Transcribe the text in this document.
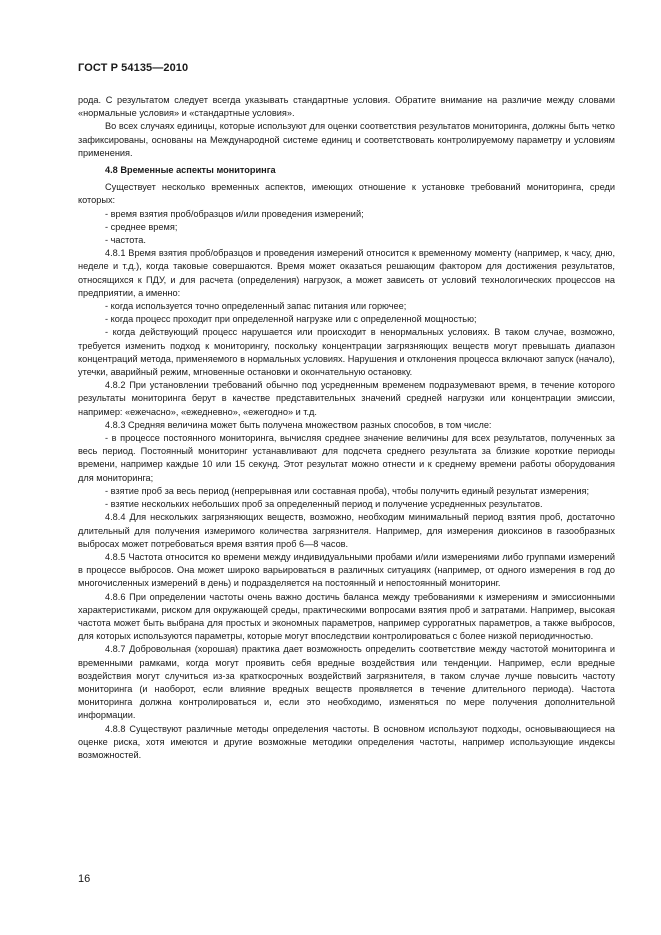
ГОСТ Р 54135—2010

рода. С результатом следует всегда указывать стандартные условия. Обратите внимание на различие между словами «нормальные условия» и «стандартные условия».

Во всех случаях единицы, которые используют для оценки соответствия результатов мониторинга, должны быть четко зафиксированы, основаны на Международной системе единиц и соответствовать контролируемому параметру и условиям применения.

4.8 Временные аспекты мониторинга

Существует несколько временных аспектов, имеющих отношение к установке требований мониторинга, среди которых:

- время взятия проб/образцов и/или проведения измерений;

- среднее время;

- частота.

4.8.1 Время взятия проб/образцов и проведения измерений относится к временному моменту (например, к часу, дню, неделе и т.д.), когда таковые совершаются. Время может оказаться решающим фактором для достижения результатов, относящихся к ПДУ, и для расчета (определения) нагрузок, а может зависеть от условий технологических процессов на предприятии, а именно:

- когда используется точно определенный запас питания или горючее;

- когда процесс проходит при определенной нагрузке или с определенной мощностью;

- когда действующий процесс нарушается или происходит в ненормальных условиях. В таком случае, возможно, требуется изменить подход к мониторингу, поскольку концентрации загрязняющих веществ могут превышать диапазон концентраций метода, применяемого в нормальных условиях. Нарушения и отклонения процесса включают запуск (начало), утечки, аварийный режим, мгновенные остановки и окончательную остановку.

4.8.2 При установлении требований обычно под усредненным временем подразумевают время, в течение которого результаты мониторинга берут в качестве представительных значений средней нагрузки или концентрации эмиссии, например: «ежечасно», «ежедневно», «ежегодно» и т.д.

4.8.3 Средняя величина может быть получена множеством разных способов, в том числе:

- в процессе постоянного мониторинга, вычисляя среднее значение величины для всех результатов, полученных за весь период. Постоянный мониторинг устанавливают для подсчета среднего результата за близкие короткие периоды времени, например каждые 10 или 15 секунд. Этот результат можно отнести и к среднему времени работы оборудования для мониторинга;

- взятие проб за весь период (непрерывная или составная проба), чтобы получить единый результат измерения;

- взятие нескольких небольших проб за определенный период и получение усредненных результатов.

4.8.4 Для нескольких загрязняющих веществ, возможно, необходим минимальный период взятия проб, достаточно длительный для получения измеримого количества загрязнителя. Например, для измерения диоксинов в газообразных выбросах может потребоваться время взятия проб 6—8 часов.

4.8.5 Частота относится ко времени между индивидуальными пробами и/или измерениями либо группами измерений в процессе выбросов. Она может широко варьироваться в различных ситуациях (например, от одного измерения в год до многочисленных измерений в день) и подразделяется на постоянный и непостоянный мониторинг.

4.8.6 При определении частоты очень важно достичь баланса между требованиями к измерениям и эмиссионными характеристиками, риском для окружающей среды, практическими вопросами взятия проб и затратами. Например, высокая частота может быть выбрана для простых и экономных параметров, например суррогатных параметров, а также выбросов, для которых используются параметры, которые могут впоследствии контролироваться с более низкой периодичностью.

4.8.7 Добровольная (хорошая) практика дает возможность определить соответствие между частотой мониторинга и временными рамками, когда могут проявить себя вредные воздействия или тенденции. Например, если вредные воздействия могут случиться из-за краткосрочных воздействий загрязнителя, в таком случае лучше повысить частоту мониторинга (и наоборот, если влияние вредных веществ проявляется в течение длительного периода). Частота мониторинга должна контролироваться и, если это необходимо, изменяться по мере получения дополнительной информации.

4.8.8 Существуют различные методы определения частоты. В основном используют подходы, основывающиеся на оценке риска, хотя имеются и другие возможные методики определения частоты, например использующие индексы возможностей.

16
